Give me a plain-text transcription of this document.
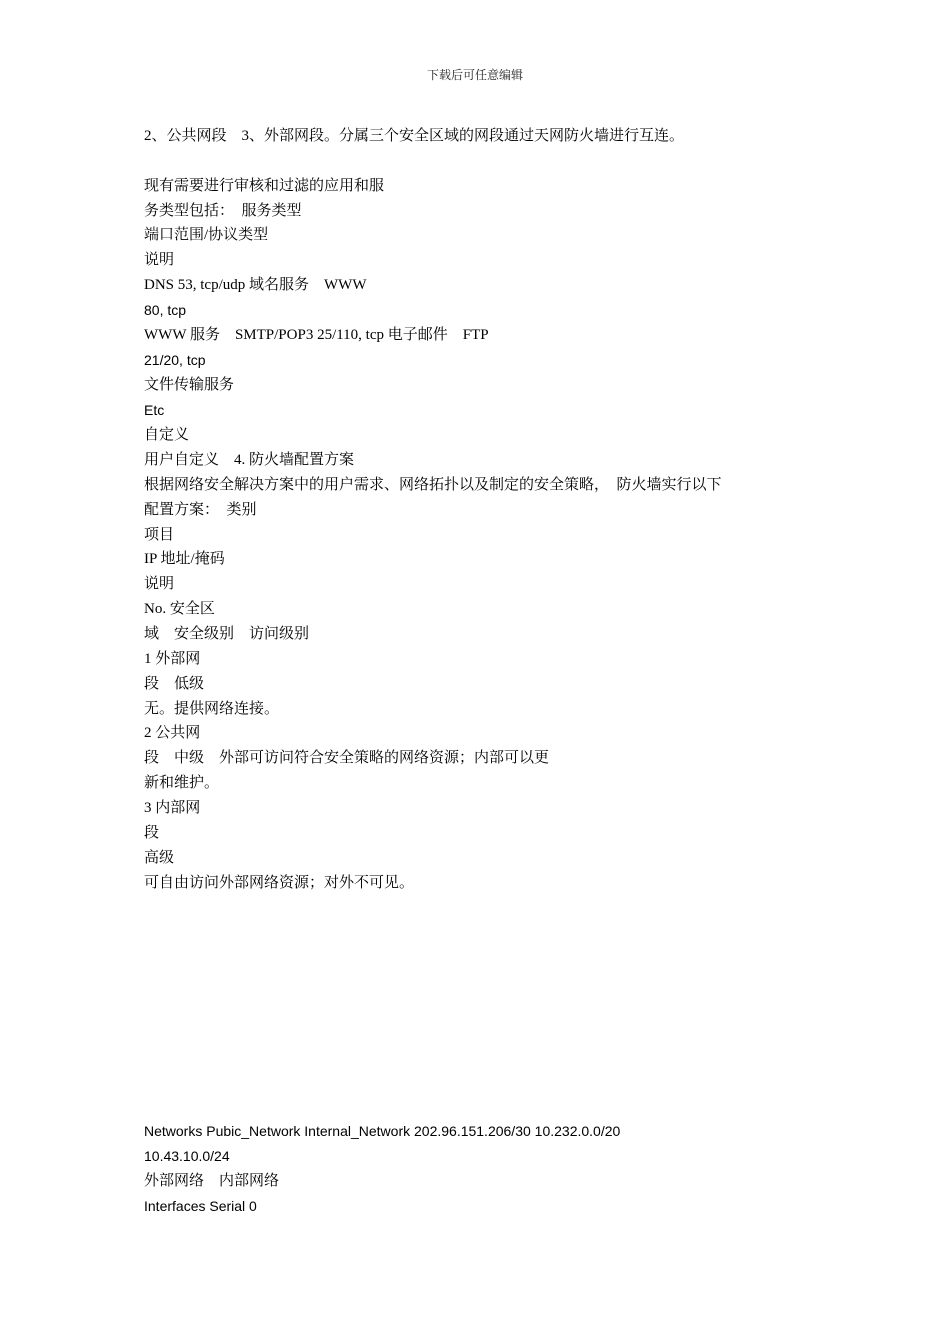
下载后可任意编辑
2、公共网段　3、外部网段。分属三个安全区域的网段通过天网防火墙进行互连。
现有需要进行审核和过滤的应用和服
务类型包括：　服务类型
端口范围/协议类型
说明
DNS 53, tcp/udp 域名服务　WWW
80, tcp
WWW 服务　SMTP/POP3 25/110, tcp 电子邮件　FTP
21/20, tcp
文件传输服务
Etc
自定义
用户自定义　4. 防火墙配置方案
根据网络安全解决方案中的用户需求、网络拓扑以及制定的安全策略，　防火墙实行以下
配置方案：　类别
项目
IP 地址/掩码
说明
No. 安全区
域　安全级别　访问级别
1 外部网
段　低级
无。提供网络连接。
2 公共网
段　中级　外部可访问符合安全策略的网络资源；内部可以更
新和维护。
3 内部网
段
高级
可自由访问外部网络资源；对外不可见。
Networks Pubic_Network Internal_Network 202.96.151.206/30 10.232.0.0/20
10.43.10.0/24
外部网络　内部网络
Interfaces Serial 0
